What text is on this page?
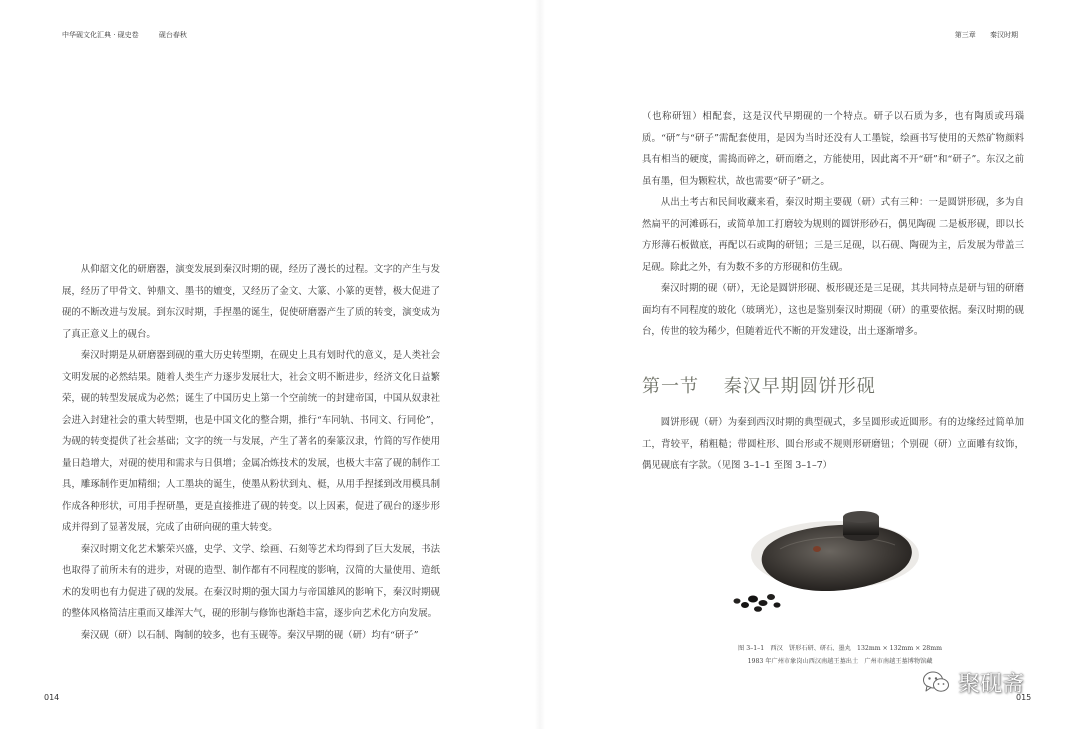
中华砚文化汇典 · 砚史卷	砚台春秋

从仰韶文化的研磨器，演变发展到秦汉时期的砚，经历了漫长的过程。文字的产生与发展，经历了甲骨文、钟鼎文、墨书的嬗变，又经历了金文、大篆、小篆的更替，极大促进了砚的不断改进与发展。到东汉时期，手捏墨的诞生，促使研磨器产生了质的转变，演变成为了真正意义上的砚台。

秦汉时期是从研磨器到砚的重大历史转型期，在砚史上具有划时代的意义，是人类社会文明发展的必然结果。随着人类生产力逐步发展壮大，社会文明不断进步，经济文化日益繁荣，砚的转型发展成为必然；诞生了中国历史上第一个空前统一的封建帝国，中国从奴隶社会进入封建社会的重大转型期，也是中国文化的整合期，推行“车同轨、书同文、行同伦”，为砚的转变提供了社会基础；文字的统一与发展，产生了著名的秦篆汉隶，竹简的写作使用量日趋增大，对砚的使用和需求与日俱增；金属冶炼技术的发展，也极大丰富了砚的制作工具，雕琢制作更加精细；人工墨块的诞生，使墨从粉状到丸、梃，从用手捏揉到改用模具制作成各种形状，可用手捏研墨，更是直接推进了砚的转变。以上因素，促进了砚台的逐步形成并得到了显著发展，完成了由研向砚的重大转变。

秦汉时期文化艺术繁荣兴盛，史学、文学、绘画、石刻等艺术均得到了巨大发展，书法也取得了前所未有的进步，对砚的造型、制作都有不同程度的影响，汉简的大量使用、造纸术的发明也有力促进了砚的发展。在秦汉时期的强大国力与帝国雄风的影响下，秦汉时期砚的整体风格简洁庄重而又雄浑大气，砚的形制与修饰也渐趋丰富，逐步向艺术化方向发展。

秦汉砚（研）以石制、陶制的较多，也有玉砚等。秦汉早期的砚（研）均有“研子”

014
第三章 秦汉时期

（也称研钮）相配套，这是汉代早期砚的一个特点。研子以石质为多，也有陶质或玛瑙质。“研”与“研子”需配套使用，是因为当时还没有人工墨锭，绘画书写使用的天然矿物颜料具有相当的硬度，需捣而碎之，研而磨之，方能使用，因此离不开“研”和“研子”。东汉之前虽有墨，但为颗粒状，故也需要“研子”研之。

从出土考古和民间收藏来看，秦汉时期主要砚（研）式有三种：一是圆饼形砚，多为自然扁平的河滩砾石，或简单加工打磨较为规则的圆饼形砂石，偶见陶砚 二是板形砚，即以长方形薄石板做底，再配以石或陶的研钮；三是三足砚，以石砚、陶砚为主，后发展为带盖三足砚。除此之外，有为数不多的方形砚和仿生砚。

秦汉时期的砚（研），无论是圆饼形砚、板形砚还是三足砚，其共同特点是研与钮的研磨面均有不同程度的玻化（玻璃光），这也是鉴别秦汉时期砚（研）的重要依据。秦汉时期的砚台，传世的较为稀少，但随着近代不断的开发建设，出土逐渐增多。

第一节 秦汉早期圆饼形砚

圆饼形砚（研）为秦到西汉时期的典型砚式，多呈圆形或近圆形。有的边缘经过简单加工，背较平，稍粗糙；带圆柱形、圆台形或不规则形研磨钮；个别砚（研）立面雕有纹饰，偶见砚底有字款。（见图 3–1–1 至图 3–1–7）

图 3–1–1　西汉　饼形石研、研石、墨丸　132mm × 132mm × 28mm
1983 年广州市象岗山西汉南越王墓出土　广州市南越王墓博物馆藏
015
聚砚斋
